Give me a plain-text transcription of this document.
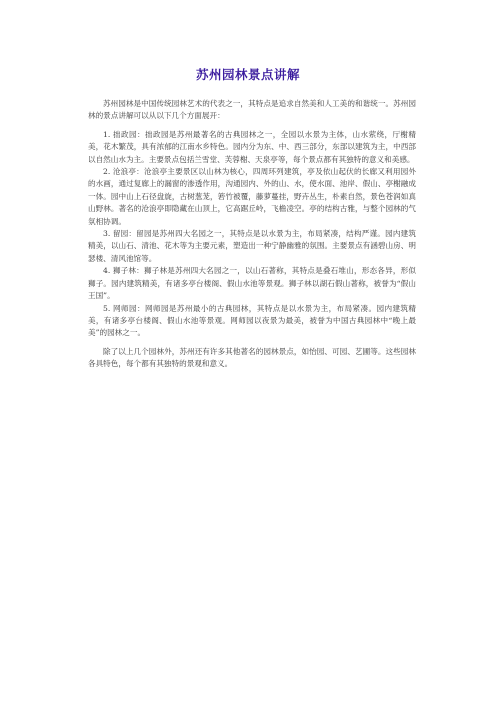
苏州园林景点讲解

苏州园林是中国传统园林艺术的代表之一，其特点是追求自然美和人工美的和谐统一。苏州园林的景点讲解可以从以下几个方面展开：

1. 拙政园：拙政园是苏州最著名的古典园林之一，全园以水景为主体，山水萦绕，厅榭精美，花木繁茂，具有浓郁的江南水乡特色。园内分为东、中、西三部分，东部以建筑为主，中西部以自然山水为主。主要景点包括兰雪堂、芙蓉榭、天泉亭等，每个景点都有其独特的意义和美感。

2. 沧浪亭：沧浪亭主要景区以山林为核心，四周环列建筑，亭及依山起伏的长廊又利用园外的水画，通过复廊上的漏窗的渗透作用，沟通园内、外的山、水，使水面、池岸、假山、亭榭融成一体。园中山上石径盘旋，古树葱茏，箬竹被覆，藤萝蔓挂，野卉丛生，朴素自然，景色苍润如真山野林。著名的沧浪亭即隐藏在山顶上，它高踞丘岭，飞檐凌空。亭的结构古雅，与整个园林的气氛相协调。

3. 留园：留园是苏州四大名园之一，其特点是以水景为主，布局紧凑，结构严谨。园内建筑精美，以山石、清池、花木等为主要元素，塑造出一种宁静幽雅的氛围。主要景点有涵碧山房、明瑟楼、清风池馆等。

4. 狮子林：狮子林是苏州四大名园之一，以山石著称，其特点是叠石堆山，形态各异，形似狮子。园内建筑精美，有诸多亭台楼阁、假山水池等景观。狮子林以湖石假山著称，被誉为“假山王国”。

5. 网师园：网师园是苏州最小的古典园林，其特点是以水景为主，布局紧凑。园内建筑精美，有诸多亭台楼阁、假山水池等景观。网师园以夜景为最美，被誉为中国古典园林中“晚上最美”的园林之一。

除了以上几个园林外，苏州还有许多其他著名的园林景点，如怡园、可园、艺圃等。这些园林各具特色，每个都有其独特的景观和意义。
